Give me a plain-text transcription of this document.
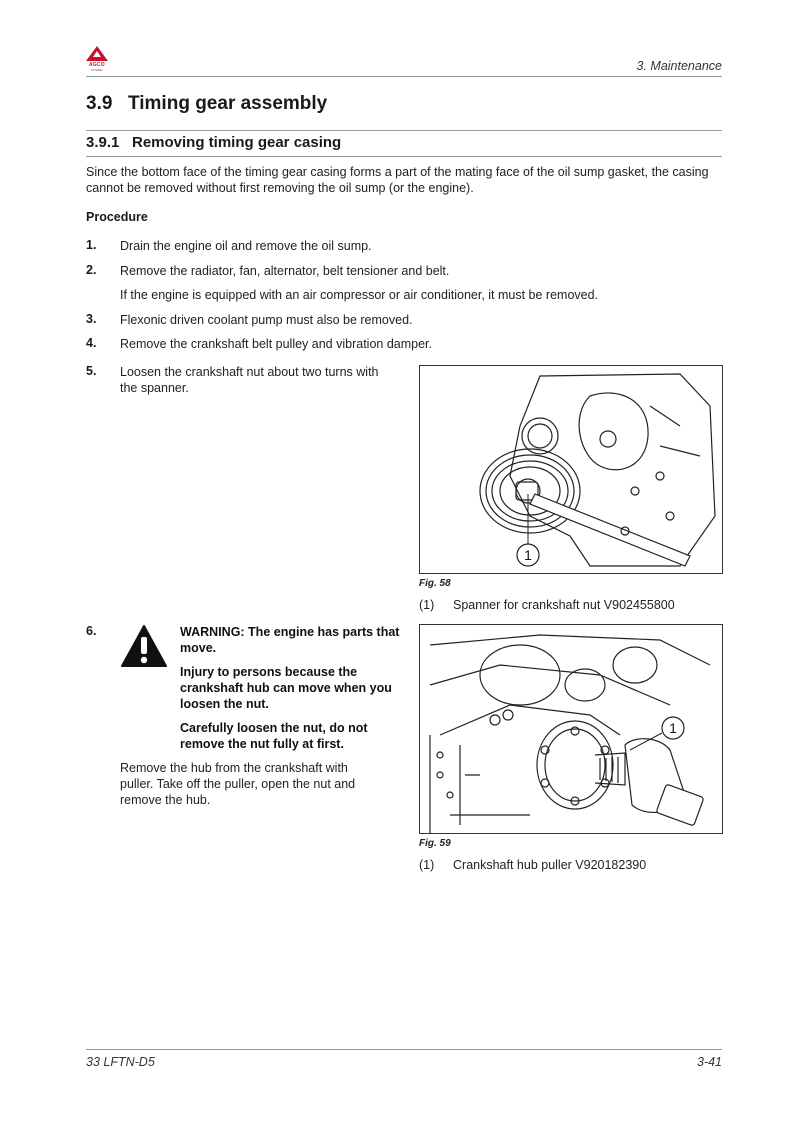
AGCO
POWER	3. Maintenance
3.9 Timing gear assembly
3.9.1 Removing timing gear casing
Since the bottom face of the timing gear casing forms a part of the mating face of the oil sump gasket, the casing cannot be removed without first removing the oil sump (or the engine).
Procedure
1. Drain the engine oil and remove the oil sump.
2. Remove the radiator, fan, alternator, belt tensioner and belt.
If the engine is equipped with an air compressor or air conditioner, it must be removed.
3. Flexonic driven coolant pump must also be removed.
4. Remove the crankshaft belt pulley and vibration damper.
5. Loosen the crankshaft nut about two turns with the spanner.
1
Fig. 58
(1) Spanner for crankshaft nut V902455800
6.	WARNING: The engine has parts that move.
Injury to persons because the crankshaft hub can move when you loosen the nut.
Carefully loosen the nut, do not remove the nut fully at first.
Remove the hub from the crankshaft with puller. Take off the puller, open the nut and remove the hub.
1
Fig. 59
(1) Crankshaft hub puller V920182390
33 LFTN-D5	3-41
